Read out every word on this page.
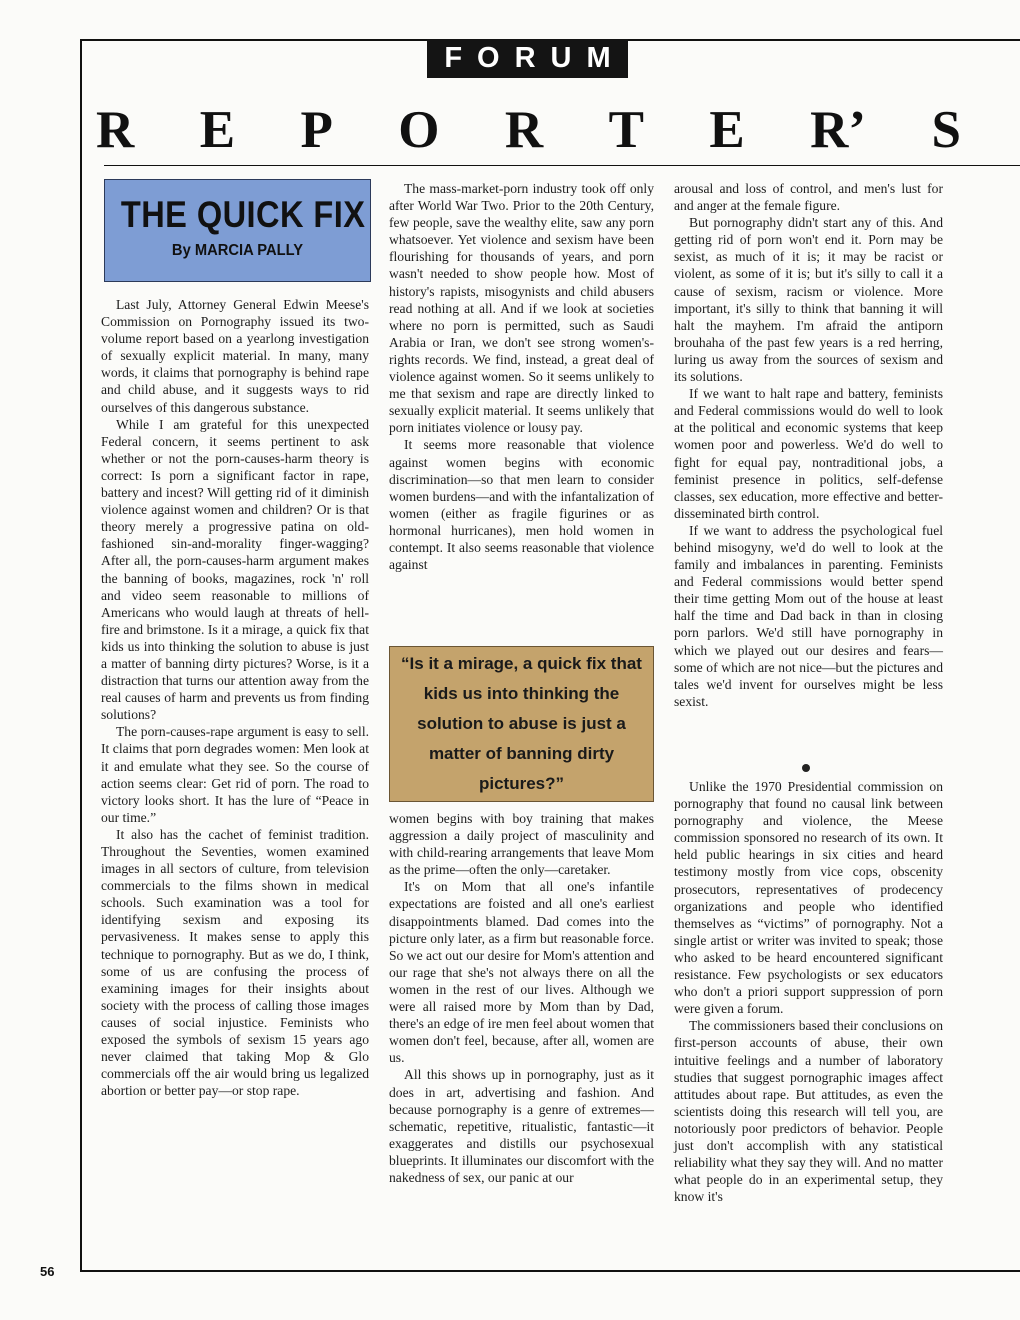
FORUM
R E P O R T E R’ S
THE QUICK FIX
By MARCIA PALLY

Last July, Attorney General Edwin Meese's Commission on Pornography issued its two-volume report based on a yearlong investigation of sexually explicit material. In many, many words, it claims that pornography is behind rape and child abuse, and it suggests ways to rid ourselves of this dangerous substance.

While I am grateful for this unexpected Federal concern, it seems pertinent to ask whether or not the porn-causes-harm theory is correct: Is porn a significant factor in rape, battery and incest? Will getting rid of it diminish violence against women and children? Or is that theory merely a progressive patina on old-fashioned sin-and-morality finger-wagging? After all, the porn-causes-harm argument makes the banning of books, magazines, rock 'n' roll and video seem reasonable to millions of Americans who would laugh at threats of hell-fire and brimstone. Is it a mirage, a quick fix that kids us into thinking the solution to abuse is just a matter of banning dirty pictures? Worse, is it a distraction that turns our attention away from the real causes of harm and prevents us from finding solutions?

The porn-causes-rape argument is easy to sell. It claims that porn degrades women: Men look at it and emulate what they see. So the course of action seems clear: Get rid of porn. The road to victory looks short. It has the lure of “Peace in our time.”

It also has the cachet of feminist tradition. Throughout the Seventies, women examined images in all sectors of culture, from television commercials to the films shown in medical schools. Such examination was a tool for identifying sexism and exposing its pervasiveness. It makes sense to apply this technique to pornography. But as we do, I think, some of us are confusing the process of examining images for their insights about society with the process of calling those images causes of social injustice. Feminists who exposed the symbols of sexism 15 years ago never claimed that taking Mop & Glo commercials off the air would bring us legalized abortion or better pay—or stop rape.

The mass-market-porn industry took off only after World War Two. Prior to the 20th Century, few people, save the wealthy elite, saw any porn whatsoever. Yet violence and sexism have been flourishing for thousands of years, and porn wasn't needed to show people how. Most of history's rapists, misogynists and child abusers read nothing at all. And if we look at societies where no porn is permitted, such as Saudi Arabia or Iran, we don't see strong women's-rights records. We find, instead, a great deal of violence against women. So it seems unlikely to me that sexism and rape are directly linked to sexually explicit material. It seems unlikely that porn initiates violence or lousy pay.

It seems more reasonable that violence against women begins with economic discrimination—so that men learn to consider women burdens—and with the infantalization of women (either as fragile figurines or as hormonal hurricanes), men hold women in contempt. It also seems reasonable that violence against

“Is it a mirage, a quick fix that kids us into thinking the solution to abuse is just a matter of banning dirty pictures?”

women begins with boy training that makes aggression a daily project of masculinity and with child-rearing arrangements that leave Mom as the prime—often the only—caretaker.

It's on Mom that all one's infantile expectations are foisted and all one's earliest disappointments blamed. Dad comes into the picture only later, as a firm but reasonable force. So we act out our desire for Mom's attention and our rage that she's not always there on all the women in the rest of our lives. Although we were all raised more by Mom than by Dad, there's an edge of ire men feel about women that women don't feel, because, after all, women are us.

All this shows up in pornography, just as it does in art, advertising and fashion. And because pornography is a genre of extremes—schematic, repetitive, ritualistic, fantastic—it exaggerates and distills our psychosexual blueprints. It illuminates our discomfort with the nakedness of sex, our panic at our

arousal and loss of control, and men's lust for and anger at the female figure.

But pornography didn't start any of this. And getting rid of porn won't end it. Porn may be sexist, as much of it is; it may be racist or violent, as some of it is; but it's silly to call it a cause of sexism, racism or violence. More important, it's silly to think that banning it will halt the mayhem. I'm afraid the antiporn brouhaha of the past few years is a red herring, luring us away from the sources of sexism and its solutions.

If we want to halt rape and battery, feminists and Federal commissions would do well to look at the political and economic systems that keep women poor and powerless. We'd do well to fight for equal pay, nontraditional jobs, a feminist presence in politics, self-defense classes, sex education, more effective and better-disseminated birth control.

If we want to address the psychological fuel behind misogyny, we'd do well to look at the family and imbalances in parenting. Feminists and Federal commissions would better spend their time getting Mom out of the house at least half the time and Dad back in than in closing porn parlors. We'd still have pornography in which we played out our desires and fears—some of which are not nice—but the pictures and tales we'd invent for ourselves might be less sexist.

Unlike the 1970 Presidential commission on pornography that found no causal link between pornography and violence, the Meese commission sponsored no research of its own. It held public hearings in six cities and heard testimony mostly from vice cops, obscenity prosecutors, representatives of prodecency organizations and people who identified themselves as “victims” of pornography. Not a single artist or writer was invited to speak; those who asked to be heard encountered significant resistance. Few psychologists or sex educators who don't a priori support suppression of porn were given a forum.

The commissioners based their conclusions on first-person accounts of abuse, their own intuitive feelings and a number of laboratory studies that suggest pornographic images affect attitudes about rape. But attitudes, as even the scientists doing this research will tell you, are notoriously poor predictors of behavior. People just don't accomplish with any statistical reliability what they say they will. And no matter what people do in an experimental setup, they know it's

56
